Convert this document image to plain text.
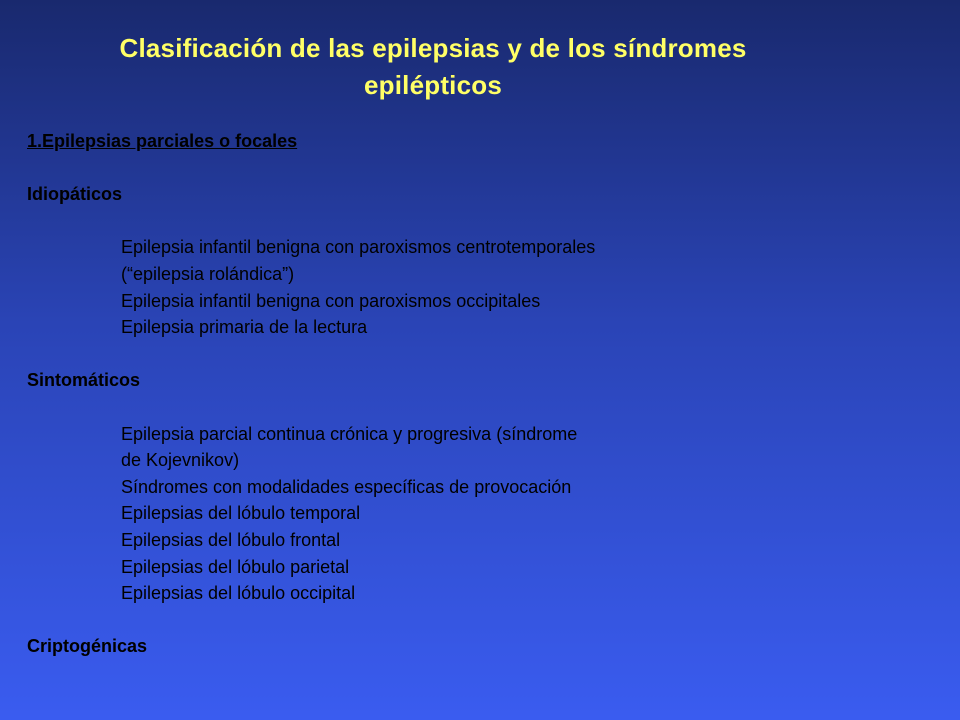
Clasificación de las epilepsias y de los síndromes
epilépticos
1.Epilepsias parciales o focales
Idiopáticos
Epilepsia infantil benigna con paroxismos centrotemporales
(“epilepsia rolándica”)
Epilepsia infantil benigna con paroxismos occipitales
Epilepsia primaria de la lectura
Sintomáticos
Epilepsia parcial continua crónica y progresiva (síndrome
de Kojevnikov)
Síndromes con modalidades específicas de provocación
Epilepsias del lóbulo temporal
Epilepsias del lóbulo frontal
Epilepsias del lóbulo parietal
Epilepsias del lóbulo occipital
Criptogénicas
